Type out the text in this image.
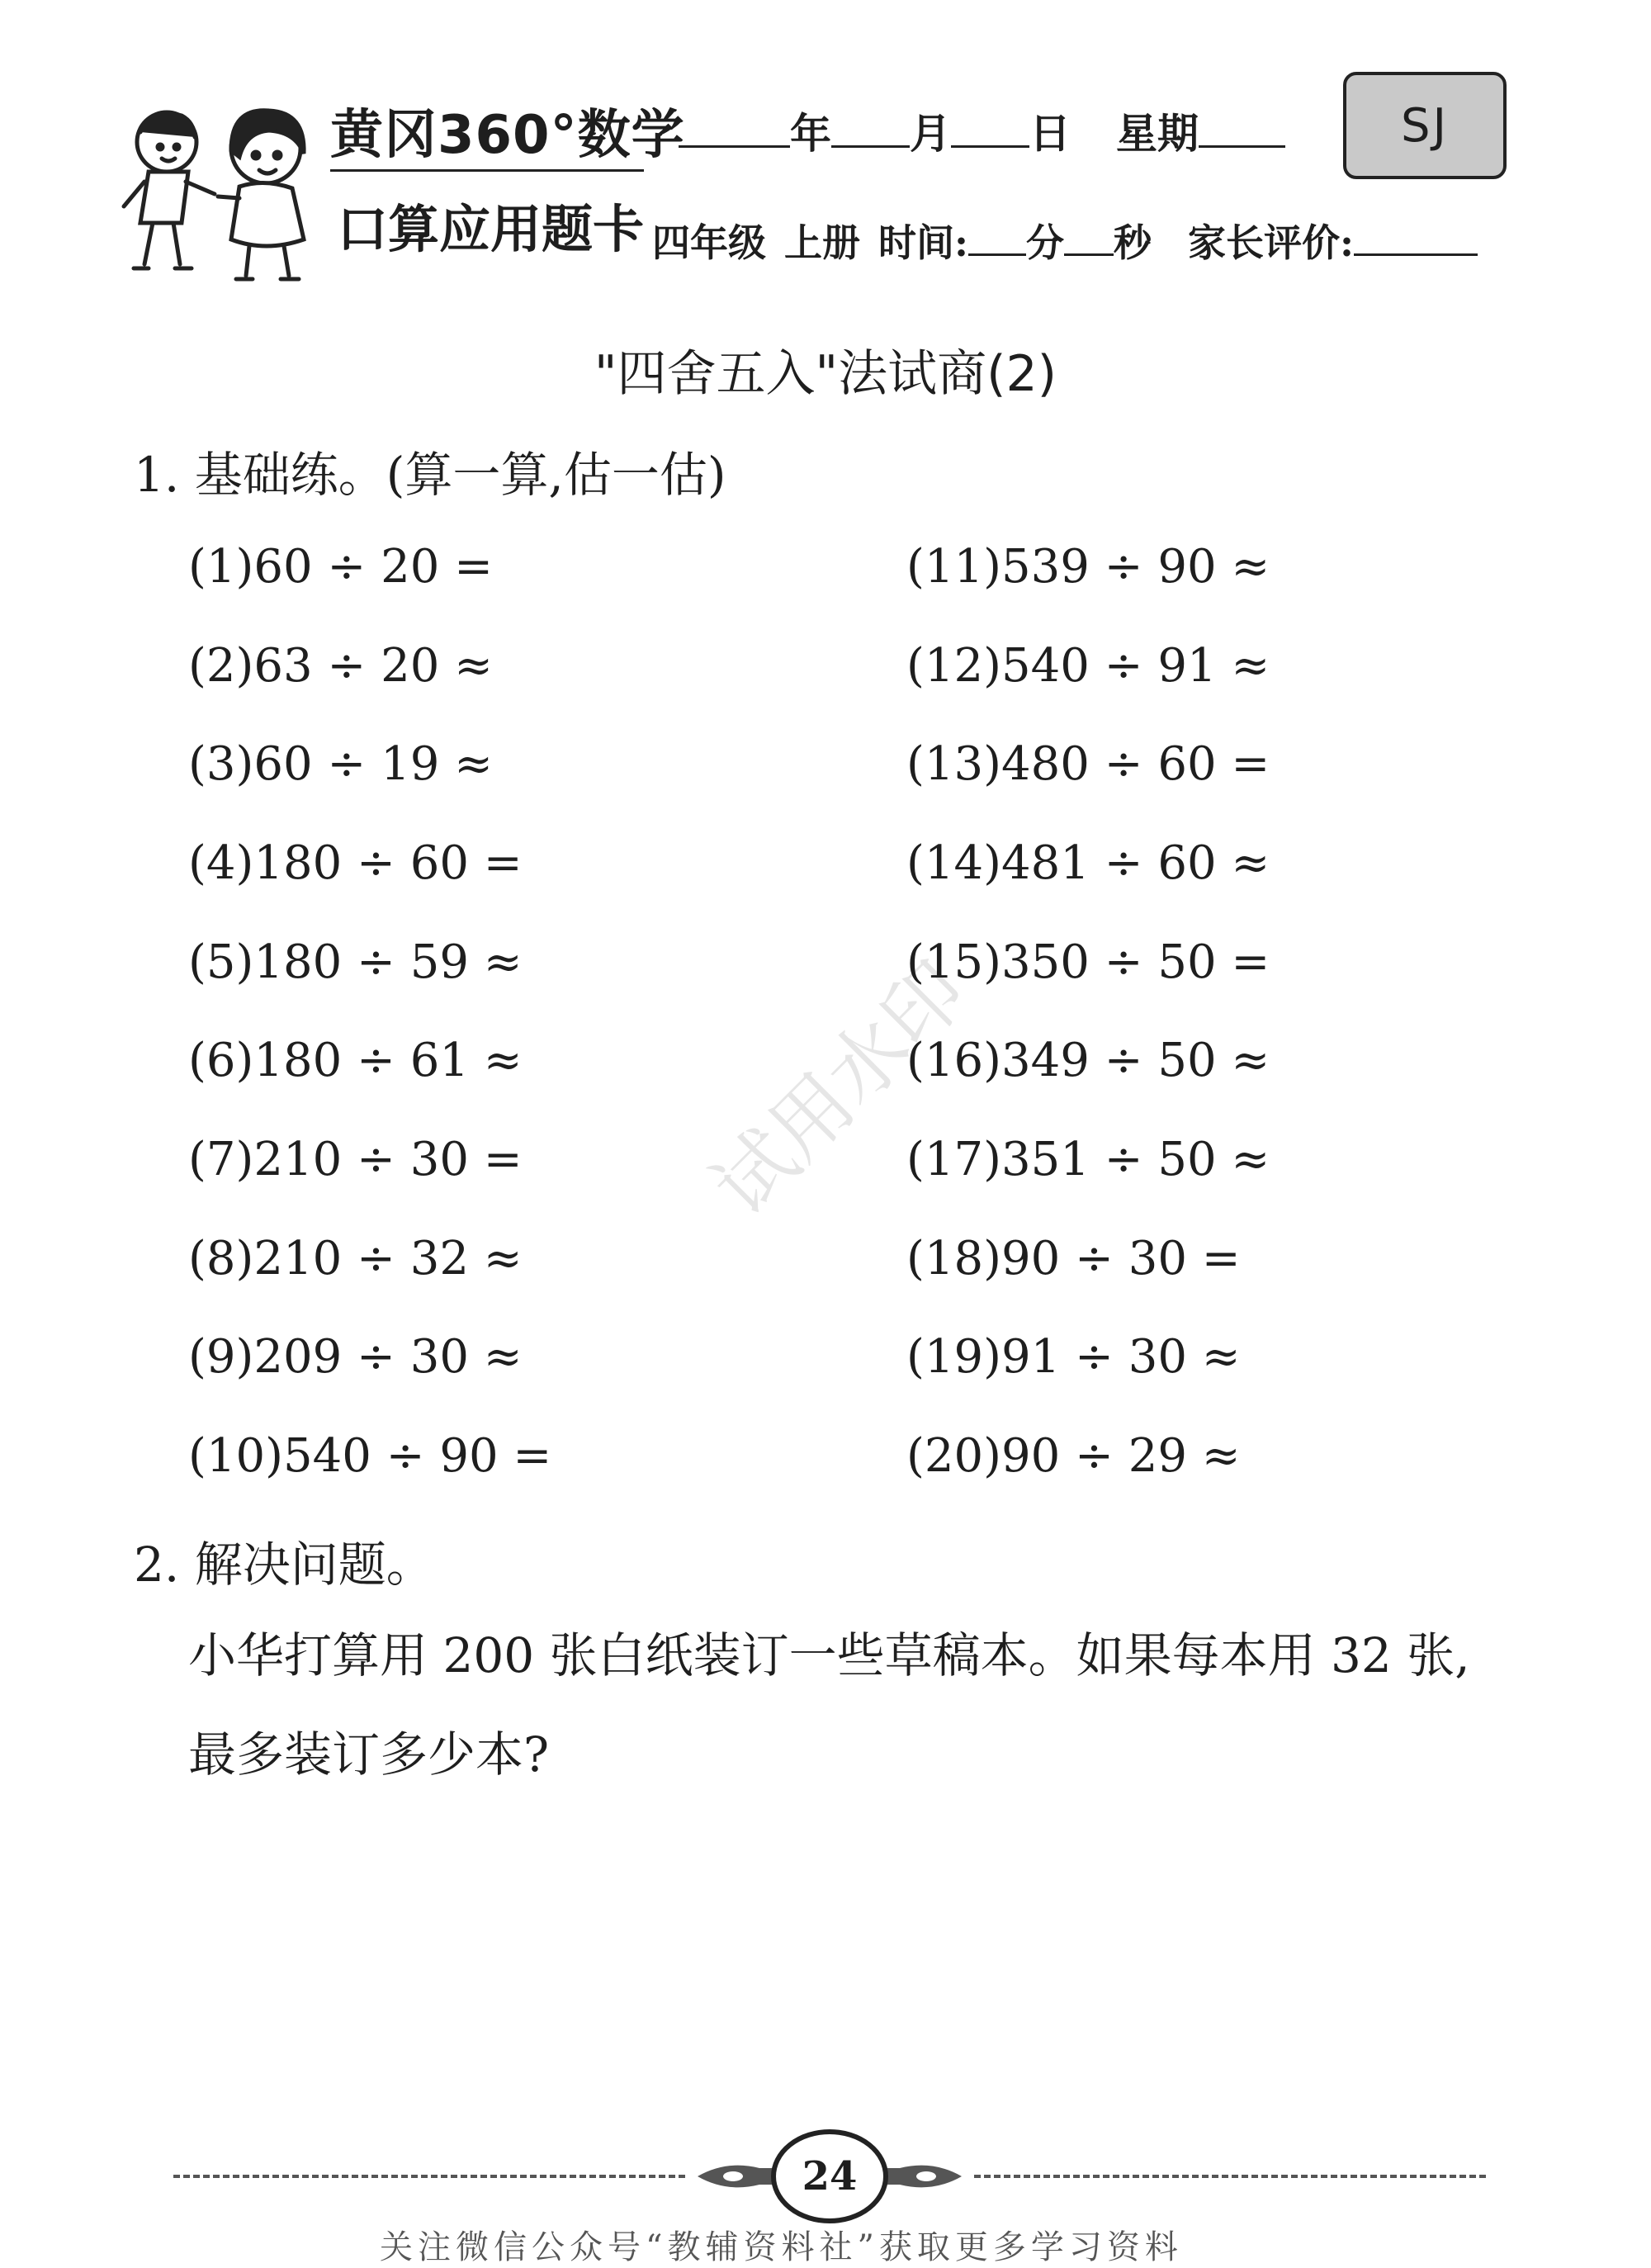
黄冈360°数学
口算应用题卡
年 月 日 星期	SJ
四年级 上册 时间: 分 秒 家长评价:
"四舍五入"法试商(2)
试用水印
1. 基础练。(算一算,估一估)
(1)60 ÷ 20 =
(2)63 ÷ 20 ≈
(3)60 ÷ 19 ≈
(4)180 ÷ 60 =
(5)180 ÷ 59 ≈
(6)180 ÷ 61 ≈
(7)210 ÷ 30 =
(8)210 ÷ 32 ≈
(9)209 ÷ 30 ≈
(10)540 ÷ 90 =
(11)539 ÷ 90 ≈
(12)540 ÷ 91 ≈
(13)480 ÷ 60 =
(14)481 ÷ 60 ≈
(15)350 ÷ 50 =
(16)349 ÷ 50 ≈
(17)351 ÷ 50 ≈
(18)90 ÷ 30 =
(19)91 ÷ 30 ≈
(20)90 ÷ 29 ≈
2. 解决问题。
小华打算用 200 张白纸装订一些草稿本。如果每本用 32 张,
最多装订多少本?
24
关注微信公众号“教辅资料社”获取更多学习资料
